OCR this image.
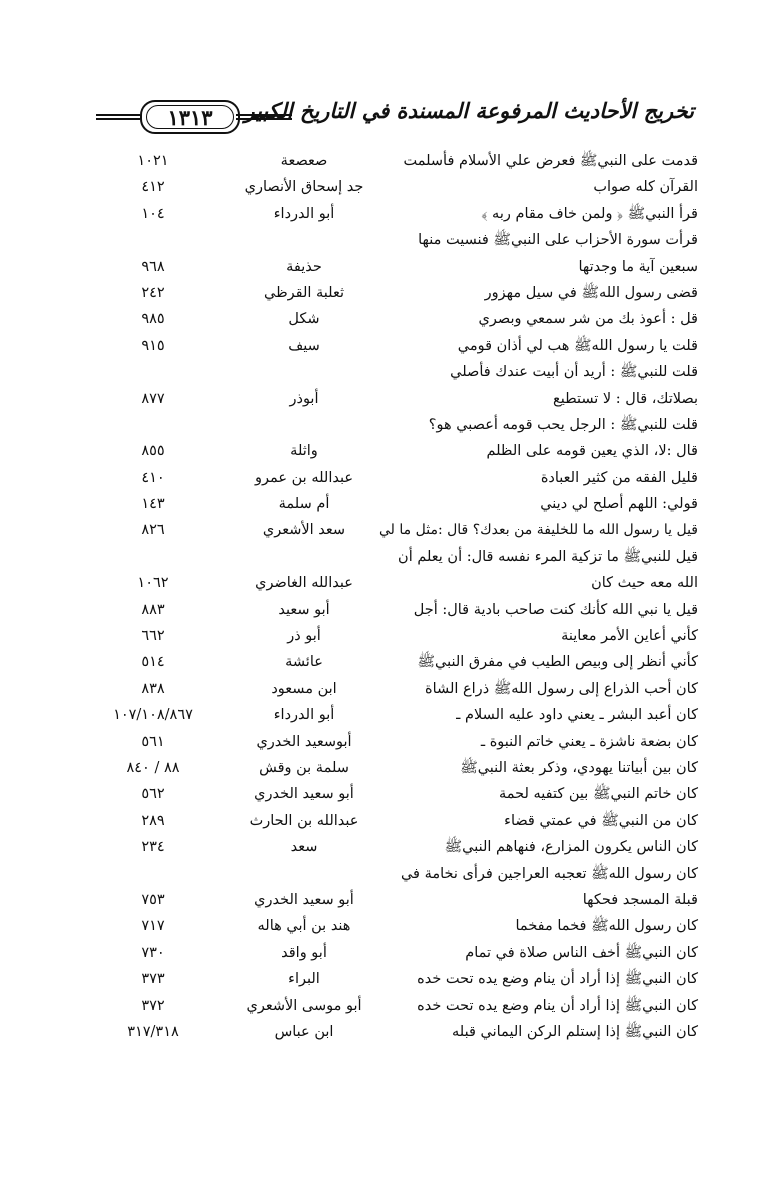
١٣١٣ تخريج الأحاديث المرفوعة المسندة في التاريخ الكبير
قدمت على النبيﷺ فعرض علي الأسلام فأسلمت
صعصعة
١٠٢١
القرآن كله صواب
جد إسحاق الأنصاري
٤١٢
قرأ النبيﷺ ﴿ ولمن خاف مقام ربه ﴾
أبو الدرداء
١٠٤
قرأت سورة الأحزاب على النبيﷺ فنسيت منها
سبعين آية ما وجدتها
حذيفة
٩٦٨
قضى رسول اللهﷺ في سيل مهزور
ثعلبة القرظي
٢٤٢
قل : أعوذ بك من شر سمعي وبصري
شكل
٩٨٥
قلت يا رسول اللهﷺ هب لي أذان قومي
سيف
٩١٥
قلت للنبيﷺ : أريد أن أبيت عندك فأصلي
بصلاتك، قال : لا تستطيع
أبوذر
٨٧٧
قلت للنبيﷺ : الرجل يحب قومه أعصبي هو؟
قال :لا، الذي يعين قومه على الظلم
واثلة
٨٥٥
قليل الفقه من كثير العبادة
عبدالله بن عمرو
٤١٠
قولي: اللهم أصلح لي ديني
أم سلمة
١٤٣
قيل يا رسول الله ما للخليفة من بعدك؟ قال :مثل ما لي
سعد الأشعري
٨٢٦
قيل للنبيﷺ ما تزكية المرء نفسه قال: أن يعلم أن
الله معه حيث كان
عبدالله الغاضري
١٠٦٢
قيل يا نبي الله كأنك كنت صاحب بادية قال: أجل
أبو سعيد
٨٨٣
كأني أعاين الأمر معاينة
أبو ذر
٦٦٢
كأني أنظر إلى وبيص الطيب في مفرق النبيﷺ
عائشة
٥١٤
كان أحب الذراع إلى رسول اللهﷺ ذراع الشاة
ابن مسعود
٨٣٨
كان أعبد البشر ـ يعني داود عليه السلام ـ
أبو الدرداء
١٠٧/١٠٨/٨٦٧
كان بضعة ناشزة ـ يعني خاتم النبوة ـ
أبوسعيد الخدري
٥٦١
كان بين أبياتنا يهودي، وذكر بعثة النبيﷺ
سلمة بن وقش
٨٨ / ٨٤٠
كان خاتم النبيﷺ بين كتفيه لحمة
أبو سعيد الخدري
٥٦٢
كان من النبيﷺ في عمتي قضاء
عبدالله بن الحارث
٢٨٩
كان الناس يكرون المزارع، فنهاهم النبيﷺ
سعد
٢٣٤
كان رسول اللهﷺ تعجبه العراجين فرأى نخامة في
قبلة المسجد فحكها
أبو سعيد الخدري
٧٥٣
كان رسول اللهﷺ فخما مفخما
هند بن أبي هاله
٧١٧
كان النبيﷺ أخف الناس صلاة في تمام
أبو واقد
٧٣٠
كان النبيﷺ إذا أراد أن ينام وضع يده تحت خده
البراء
٣٧٣
كان النبيﷺ إذا أراد أن ينام وضع يده تحت خده
أبو موسى الأشعري
٣٧٢
كان النبيﷺ إذا إستلم الركن اليماني قبله
ابن عباس
٣١٧/٣١٨
